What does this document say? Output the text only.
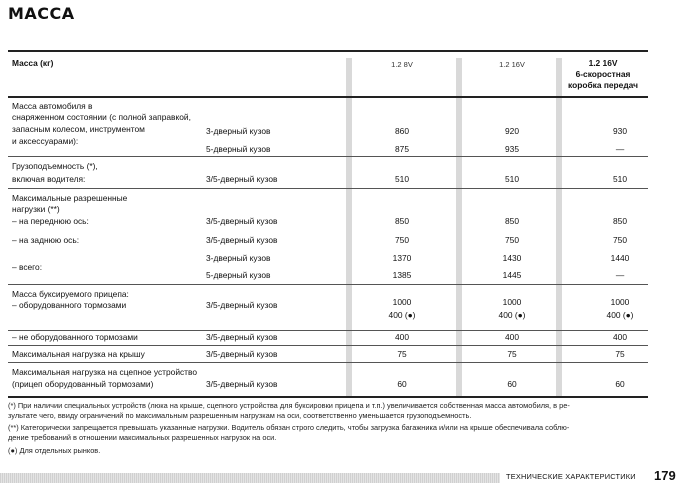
МАССА
Масса (кг)	1.2 8V	1.2 16V	1.2 16V
6-скоростная
коробка передач
Масса автомобиля в
снаряженном состоянии (с полной заправкой,
запасным колесом, инструментом
и аксессуарами):
3-дверный кузов	860	920	930
5-дверный кузов	875	935	—
Грузоподъемность (*),
включая водителя:	3/5-дверный кузов	510	510	510
Максимальные разрешенные
нагрузки (**)
– на переднюю ось:	3/5-дверный кузов	850	850	850
– на заднюю ось:	3/5-дверный кузов	750	750	750
– всего:
3-дверный кузов	1370	1430	1440
5-дверный кузов	1385	1445	—
Масса буксируемого прицепа:
– оборудованного тормозами	3/5-дверный кузов	1000	1000	1000
400 (●)	400 (●)	400 (●)
– не оборудованного тормозами	3/5-дверный кузов	400	400	400
Максимальная нагрузка на крышу	3/5-дверный кузов	75	75	75
Максимальная нагрузка на сцепное устройство
(прицеп оборудованный тормозами)	3/5-дверный кузов	60	60	60
(*) При наличии специальных устройств (люка на крыше, сцепного устройства для буксировки прицепа и т.п.) увеличивается собственная масса автомобиля, в ре-
зультате чего, ввиду ограничений по максимальным разрешенным нагрузкам на оси, соответственно уменьшается грузоподъемность.
(**) Категорически запрещается превышать указанные нагрузки. Водитель обязан строго следить, чтобы загрузка багажника и/или на крыше обеспечивала соблю-
дение требований в отношении максимальных разрешенных нагрузок на оси.
(●) Для отдельных рынков.
ТЕХНИЧЕСКИЕ ХАРАКТЕРИСТИКИ 179
